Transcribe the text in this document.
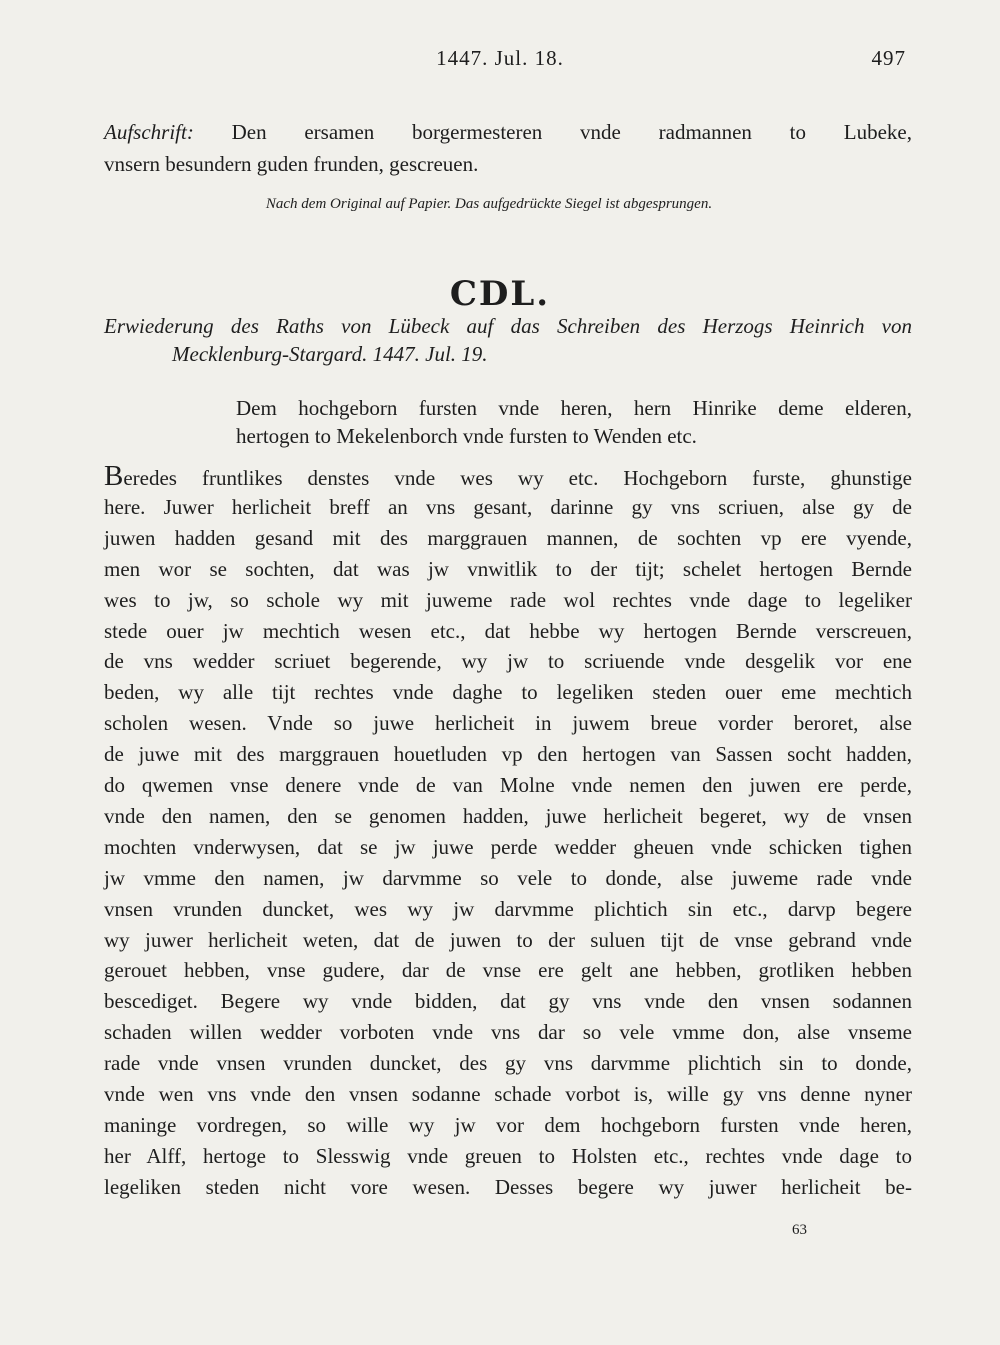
1447. Jul. 18.	497
Aufschrift: Den ersamen borgermesteren vnde radmannen to Lubeke,
vnsern besundern guden frunden, gescreuen.
Nach dem Original auf Papier. Das aufgedrückte Siegel ist abgesprungen.
CDL.
Erwiederung des Raths von Lübeck auf das Schreiben des Herzogs Heinrich von
Mecklenburg-Stargard. 1447. Jul. 19.
Dem hochgeborn fursten vnde heren, hern Hinrike deme elderen,
hertogen to Mekelenborch vnde fursten to Wenden etc.
Beredes fruntlikes denstes vnde wes wy etc. Hochgeborn furste, ghunstige
here. Juwer herlicheit breff an vns gesant, darinne gy vns scriuen, alse gy de
juwen hadden gesand mit des marggrauen mannen, de sochten vp ere vyende,
men wor se sochten, dat was jw vnwitlik to der tijt; schelet hertogen Bernde
wes to jw, so schole wy mit juweme rade wol rechtes vnde dage to legeliker
stede ouer jw mechtich wesen etc., dat hebbe wy hertogen Bernde verscreuen,
de vns wedder scriuet begerende, wy jw to scriuende vnde desgelik vor ene
beden, wy alle tijt rechtes vnde daghe to legeliken steden ouer eme mechtich
scholen wesen. Vnde so juwe herlicheit in juwem breue vorder beroret, alse
de juwe mit des marggrauen houetluden vp den hertogen van Sassen socht hadden,
do qwemen vnse denere vnde de van Molne vnde nemen den juwen ere perde,
vnde den namen, den se genomen hadden, juwe herlicheit begeret, wy de vnsen
mochten vnderwysen, dat se jw juwe perde wedder gheuen vnde schicken tighen
jw vmme den namen, jw darvmme so vele to donde, alse juweme rade vnde
vnsen vrunden duncket, wes wy jw darvmme plichtich sin etc., darvp begere
wy juwer herlicheit weten, dat de juwen to der suluen tijt de vnse gebrand vnde
gerouet hebben, vnse gudere, dar de vnse ere gelt ane hebben, grotliken hebben
bescediget. Begere wy vnde bidden, dat gy vns vnde den vnsen sodannen
schaden willen wedder vorboten vnde vns dar so vele vmme don, alse vnseme
rade vnde vnsen vrunden duncket, des gy vns darvmme plichtich sin to donde,
vnde wen vns vnde den vnsen sodanne schade vorbot is, wille gy vns denne nyner
maninge vordregen, so wille wy jw vor dem hochgeborn fursten vnde heren,
her Alff, hertoge to Slesswig vnde greuen to Holsten etc., rechtes vnde dage to
legeliken steden nicht vore wesen. Desses begere wy juwer herlicheit be-
63
